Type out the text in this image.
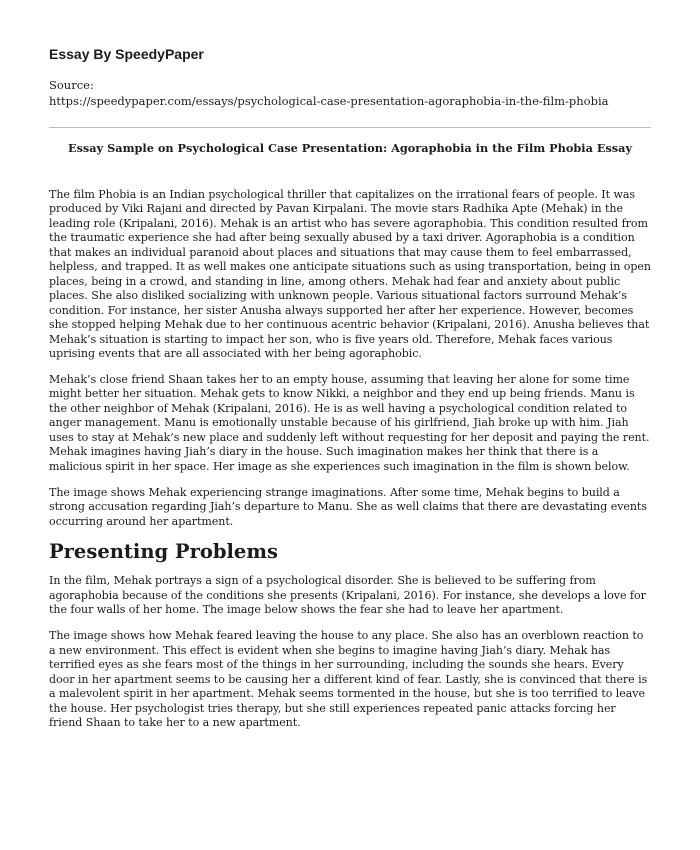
Essay By SpeedyPaper
Source:
https://speedypaper.com/essays/psychological-case-presentation-agoraphobia-in-the-film-phobia
Essay Sample on Psychological Case Presentation: Agoraphobia in the Film Phobia Essay

The film Phobia is an Indian psychological thriller that capitalizes on the irrational fears of people. It was produced by Viki Rajani and directed by Pavan Kirpalani. The movie stars Radhika Apte (Mehak) in the leading role (Kripalani, 2016). Mehak is an artist who has severe agoraphobia. This condition resulted from the traumatic experience she had after being sexually abused by a taxi driver. Agoraphobia is a condition that makes an individual paranoid about places and situations that may cause them to feel embarrassed, helpless, and trapped. It as well makes one anticipate situations such as using transportation, being in open places, being in a crowd, and standing in line, among others. Mehak had fear and anxiety about public places. She also disliked socializing with unknown people. Various situational factors surround Mehak’s condition. For instance, her sister Anusha always supported her after her experience. However, becomes she stopped helping Mehak due to her continuous acentric behavior (Kripalani, 2016). Anusha believes that Mehak’s situation is starting to impact her son, who is five years old. Therefore, Mehak faces various uprising events that are all associated with her being agoraphobic.

Mehak’s close friend Shaan takes her to an empty house, assuming that leaving her alone for some time might better her situation. Mehak gets to know Nikki, a neighbor and they end up being friends. Manu is the other neighbor of Mehak (Kripalani, 2016). He is as well having a psychological condition related to anger management. Manu is emotionally unstable because of his girlfriend, Jiah broke up with him. Jiah uses to stay at Mehak’s new place and suddenly left without requesting for her deposit and paying the rent. Mehak imagines having Jiah’s diary in the house. Such imagination makes her think that there is a malicious spirit in her space. Her image as she experiences such imagination in the film is shown below.

The image shows Mehak experiencing strange imaginations. After some time, Mehak begins to build a strong accusation regarding Jiah’s departure to Manu. She as well claims that there are devastating events occurring around her apartment.

Presenting Problems

In the film, Mehak portrays a sign of a psychological disorder. She is believed to be suffering from agoraphobia because of the conditions she presents (Kripalani, 2016). For instance, she develops a love for the four walls of her home. The image below shows the fear she had to leave her apartment.

The image shows how Mehak feared leaving the house to any place. She also has an overblown reaction to a new environment. This effect is evident when she begins to imagine having Jiah’s diary. Mehak has terrified eyes as she fears most of the things in her surrounding, including the sounds she hears. Every door in her apartment seems to be causing her a different kind of fear. Lastly, she is convinced that there is a malevolent spirit in her apartment. Mehak seems tormented in the house, but she is too terrified to leave the house. Her psychologist tries therapy, but she still experiences repeated panic attacks forcing her friend Shaan to take her to a new apartment.
